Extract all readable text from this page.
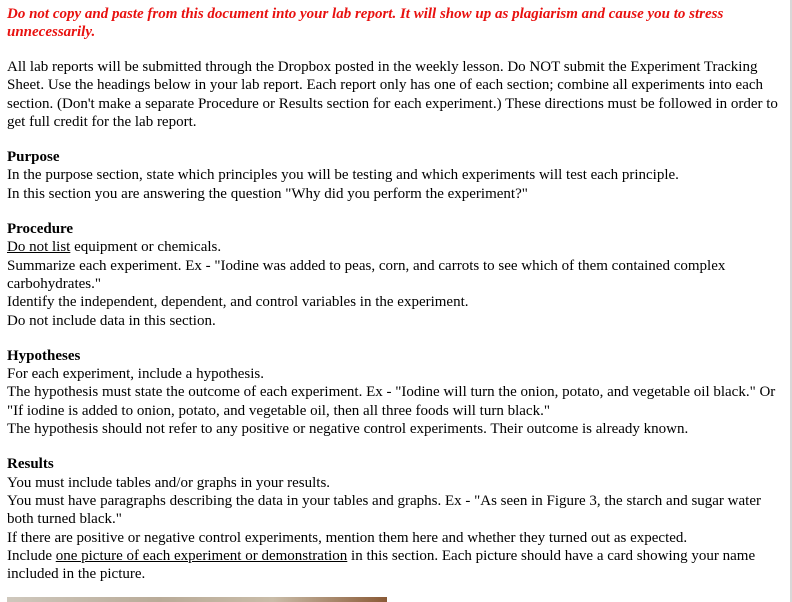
Do not copy and paste from this document into your lab report. It will show up as plagiarism and cause you to stress unnecessarily.

All lab reports will be submitted through the Dropbox posted in the weekly lesson. Do NOT submit the Experiment Tracking Sheet. Use the headings below in your lab report. Each report only has one of each section; combine all experiments into each section. (Don't make a separate Procedure or Results section for each experiment.) These directions must be followed in order to get full credit for the lab report.

Purpose

In the purpose section, state which principles you will be testing and which experiments will test each principle.

In this section you are answering the question "Why did you perform the experiment?"

Procedure

Do not list equipment or chemicals.

Summarize each experiment. Ex - "Iodine was added to peas, corn, and carrots to see which of them contained complex carbohydrates."

Identify the independent, dependent, and control variables in the experiment.

Do not include data in this section.

Hypotheses

For each experiment, include a hypothesis.

The hypothesis must state the outcome of each experiment. Ex - "Iodine will turn the onion, potato, and vegetable oil black." Or "If iodine is added to onion, potato, and vegetable oil, then all three foods will turn black."

The hypothesis should not refer to any positive or negative control experiments. Their outcome is already known.

Results

You must include tables and/or graphs in your results.

You must have paragraphs describing the data in your tables and graphs. Ex - "As seen in Figure 3, the starch and sugar water both turned black."

If there are positive or negative control experiments, mention them here and whether they turned out as expected.

Include one picture of each experiment or demonstration in this section. Each picture should have a card showing your name included in the picture.
